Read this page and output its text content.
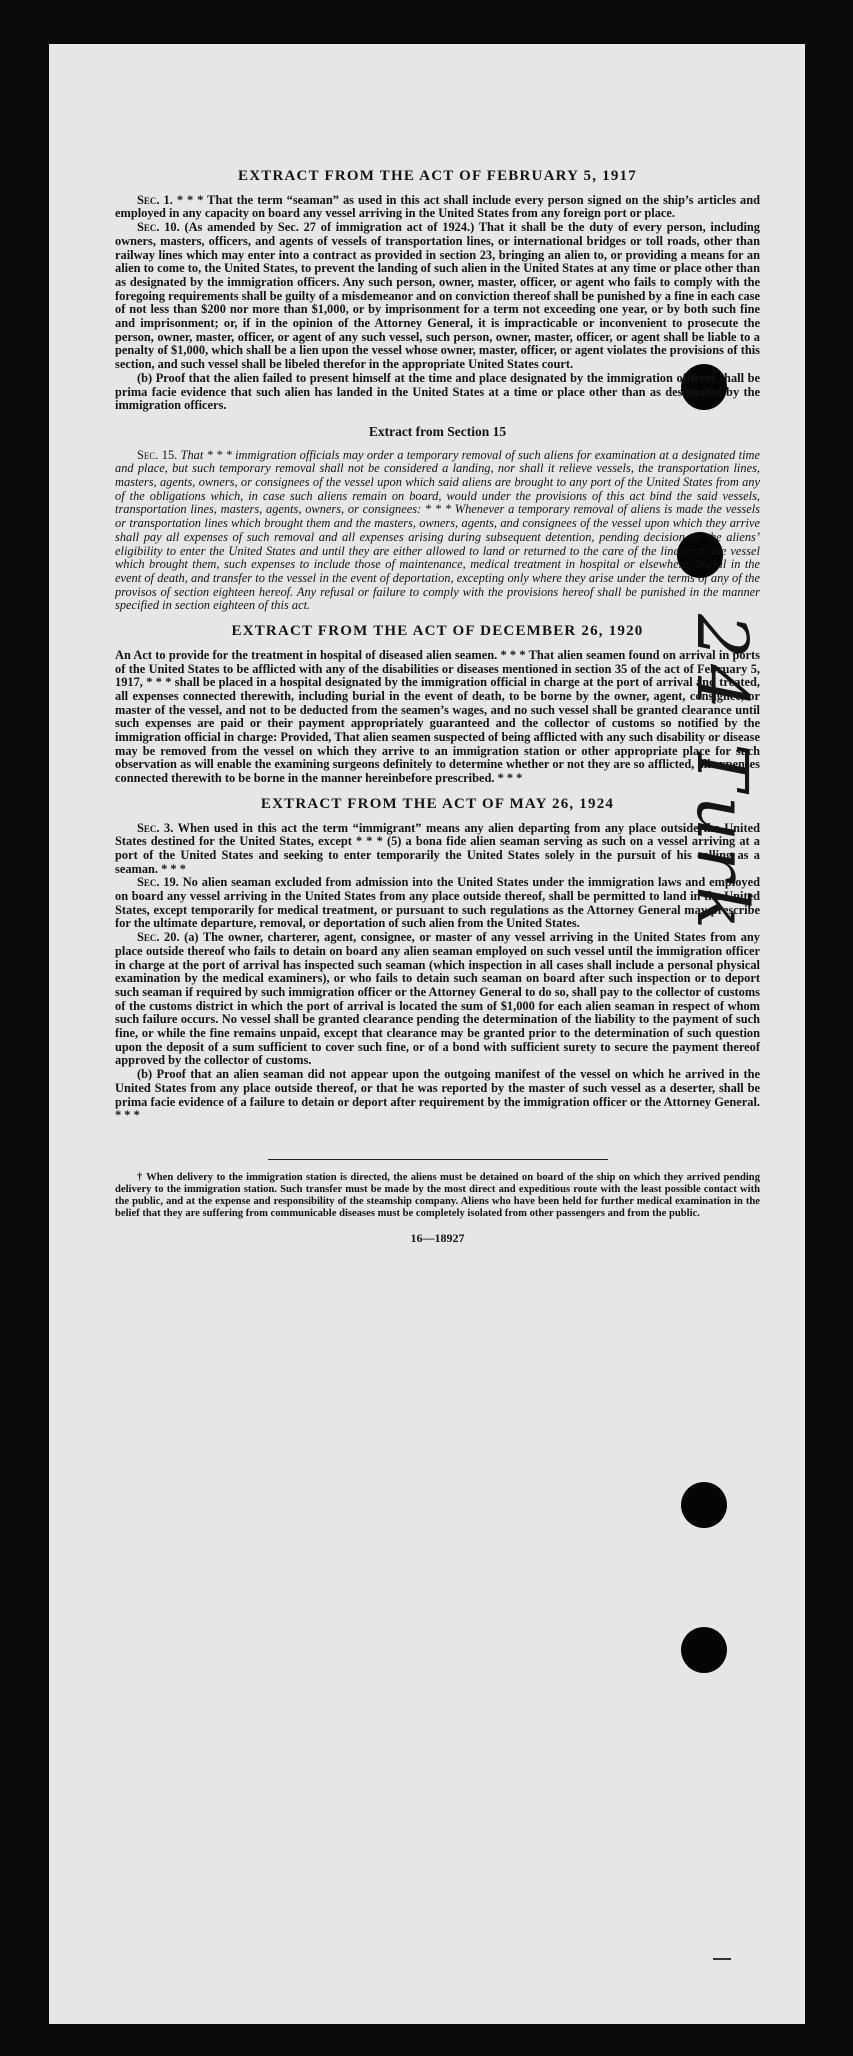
24 Turk
EXTRACT FROM THE ACT OF FEBRUARY 5, 1917

Sec. 1. * * * That the term “seaman” as used in this act shall include every person signed on the ship’s articles and employed in any capacity on board any vessel arriving in the United States from any foreign port or place.

Sec. 10. (As amended by Sec. 27 of immigration act of 1924.) That it shall be the duty of every person, including owners, masters, officers, and agents of vessels of transportation lines, or international bridges or toll roads, other than railway lines which may enter into a contract as provided in section 23, bringing an alien to, or providing a means for an alien to come to, the United States, to prevent the landing of such alien in the United States at any time or place other than as designated by the immigration officers. Any such person, owner, master, officer, or agent who fails to comply with the foregoing requirements shall be guilty of a misdemeanor and on conviction thereof shall be punished by a fine in each case of not less than $200 nor more than $1,000, or by imprisonment for a term not exceeding one year, or by both such fine and imprisonment; or, if in the opinion of the Attorney General, it is impracticable or inconvenient to prosecute the person, owner, master, officer, or agent of any such vessel, such person, owner, master, officer, or agent shall be liable to a penalty of $1,000, which shall be a lien upon the vessel whose owner, master, officer, or agent violates the provisions of this section, and such vessel shall be libeled therefor in the appropriate United States court.

(b) Proof that the alien failed to present himself at the time and place designated by the immigration officers shall be prima facie evidence that such alien has landed in the United States at a time or place other than as designated by the immigration officers.

Extract from Section 15

Sec. 15. That * * * immigration officials may order a temporary removal of such aliens for examination at a designated time and place, but such temporary removal shall not be considered a landing, nor shall it relieve vessels, the transportation lines, masters, agents, owners, or consignees of the vessel upon which said aliens are brought to any port of the United States from any of the obligations which, in case such aliens remain on board, would under the provisions of this act bind the said vessels, transportation lines, masters, agents, owners, or consignees: * * * Whenever a temporary removal of aliens is made the vessels or transportation lines which brought them and the masters, owners, agents, and consignees of the vessel upon which they arrive shall pay all expenses of such removal and all expenses arising during subsequent detention, pending decision on the aliens’ eligibility to enter the United States and until they are either allowed to land or returned to the care of the line or to the vessel which brought them, such expenses to include those of maintenance, medical treatment in hospital or elsewhere, burial in the event of death, and transfer to the vessel in the event of deportation, excepting only where they arise under the terms of any of the provisos of section eighteen hereof. Any refusal or failure to comply with the provisions hereof shall be punished in the manner specified in section eighteen of this act.

EXTRACT FROM THE ACT OF DECEMBER 26, 1920

An Act to provide for the treatment in hospital of diseased alien seamen. * * * That alien seamen found on arrival in ports of the United States to be afflicted with any of the disabilities or diseases mentioned in section 35 of the act of February 5, 1917, * * * shall be placed in a hospital designated by the immigration official in charge at the port of arrival and treated, all expenses connected therewith, including burial in the event of death, to be borne by the owner, agent, consignee, or master of the vessel, and not to be deducted from the seamen’s wages, and no such vessel shall be granted clearance until such expenses are paid or their payment appropriately guaranteed and the collector of customs so notified by the immigration official in charge: Provided, That alien seamen suspected of being afflicted with any such disability or disease may be removed from the vessel on which they arrive to an immigration station or other appropriate place for such observation as will enable the examining surgeons definitely to determine whether or not they are so afflicted, all expenses connected therewith to be borne in the manner hereinbefore prescribed. * * *

EXTRACT FROM THE ACT OF MAY 26, 1924

Sec. 3. When used in this act the term “immigrant” means any alien departing from any place outside the United States destined for the United States, except * * * (5) a bona fide alien seaman serving as such on a vessel arriving at a port of the United States and seeking to enter temporarily the United States solely in the pursuit of his calling as a seaman. * * *

Sec. 19. No alien seaman excluded from admission into the United States under the immigration laws and employed on board any vessel arriving in the United States from any place outside thereof, shall be permitted to land in the United States, except temporarily for medical treatment, or pursuant to such regulations as the Attorney General may prescribe for the ultimate departure, removal, or deportation of such alien from the United States.

Sec. 20. (a) The owner, charterer, agent, consignee, or master of any vessel arriving in the United States from any place outside thereof who fails to detain on board any alien seaman employed on such vessel until the immigration officer in charge at the port of arrival has inspected such seaman (which inspection in all cases shall include a personal physical examination by the medical examiners), or who fails to detain such seaman on board after such inspection or to deport such seaman if required by such immigration officer or the Attorney General to do so, shall pay to the collector of customs of the customs district in which the port of arrival is located the sum of $1,000 for each alien seaman in respect of whom such failure occurs. No vessel shall be granted clearance pending the determination of the liability to the payment of such fine, or while the fine remains unpaid, except that clearance may be granted prior to the determination of such question upon the deposit of a sum sufficient to cover such fine, or of a bond with sufficient surety to secure the payment thereof approved by the collector of customs.

(b) Proof that an alien seaman did not appear upon the outgoing manifest of the vessel on which he arrived in the United States from any place outside thereof, or that he was reported by the master of such vessel as a deserter, shall be prima facie evidence of a failure to detain or deport after requirement by the immigration officer or the Attorney General. * * *

† When delivery to the immigration station is directed, the aliens must be detained on board of the ship on which they arrived pending delivery to the immigration station. Such transfer must be made by the most direct and expeditious route with the least possible contact with the public, and at the expense and responsibility of the steamship company. Aliens who have been held for further medical examination in the belief that they are suffering from communicable diseases must be completely isolated from other passengers and from the public.

16—18927
